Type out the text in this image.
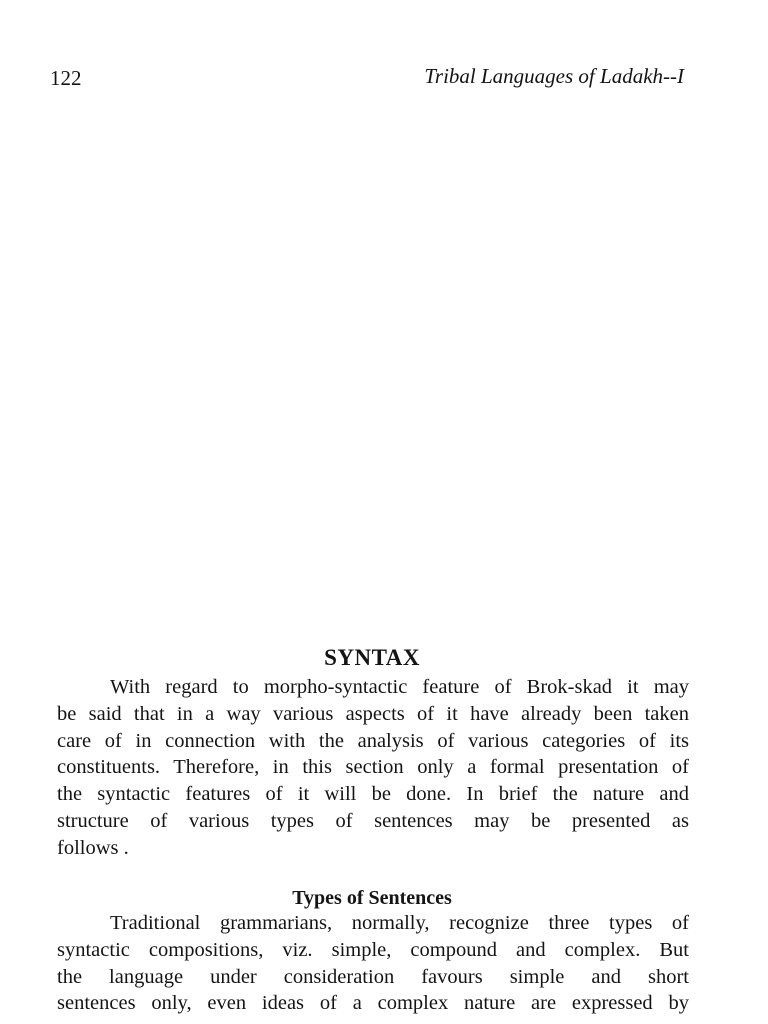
122	Tribal Languages of Ladakh--I
SYNTAX
With regard to morpho-syntactic feature of Brok-skad it may
be said that in a way various aspects of it have already been taken
care of in connection with the analysis of various categories of its
constituents. Therefore, in this section only a formal presentation of
the syntactic features of it will be done. In brief the nature and
structure of various types of sentences may be presented as
follows .
Types of Sentences
Traditional grammarians, normally, recognize three types of
syntactic compositions, viz. simple, compound and complex. But
the language under consideration favours simple and short
sentences only, even ideas of a complex nature are expressed by
